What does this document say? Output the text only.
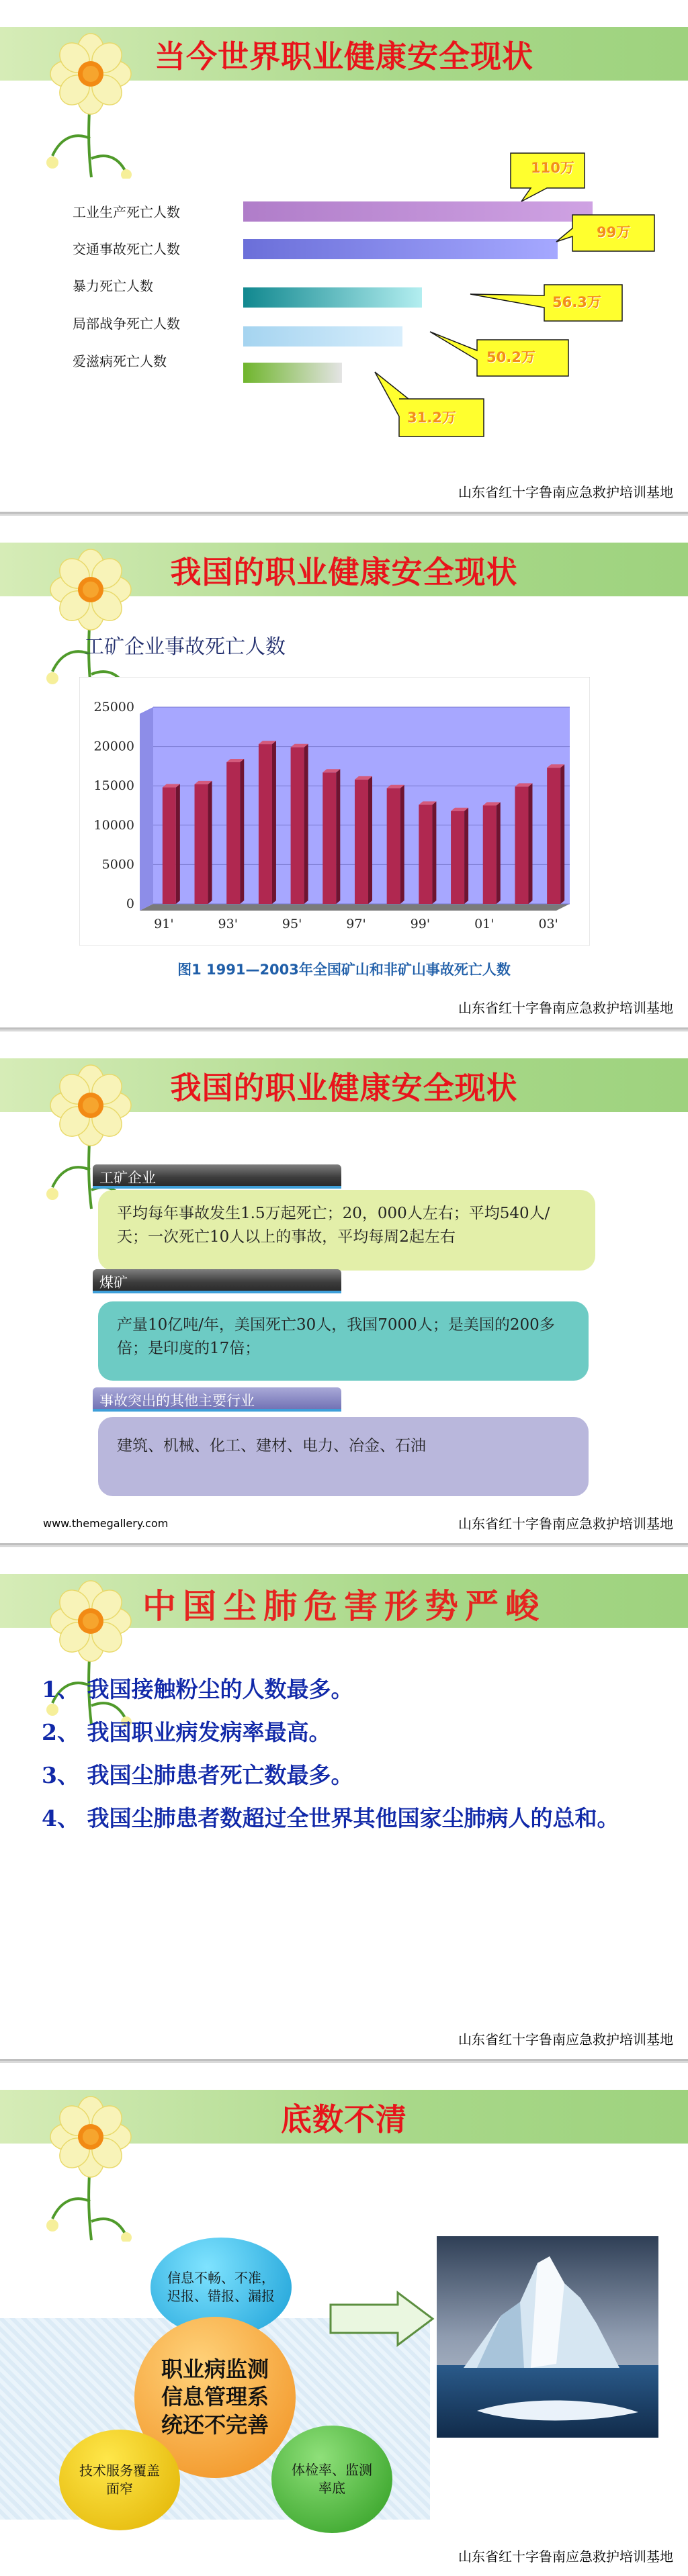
当今世界职业健康安全现状
工业生产死亡人数
交通事故死亡人数
暴力死亡人数
局部战争死亡人数
爱滋病死亡人数
110万
99万
56.3万
50.2万
31.2万
山东省红十字鲁南应急救护培训基地
我国的职业健康安全现状
工矿企业事故死亡人数
0
5000
10000
15000
20000
25000
91'	93'	95'	97'	99'	01'	03'
图1 1991—2003年全国矿山和非矿山事故死亡人数
山东省红十字鲁南应急救护培训基地
我国的职业健康安全现状
工矿企业
平均每年事故发生1.5万起死亡；20，000人左右；平均540人/天；一次死亡10人以上的事故，平均每周2起左右
煤矿
产量10亿吨/年，美国死亡30人，我国7000人；是美国的200多倍；是印度的17倍；
事故突出的其他主要行业
建筑、机械、化工、建材、电力、冶金、石油
www.themegallery.com	山东省红十字鲁南应急救护培训基地
中国尘肺危害形势严峻
1、 我国接触粉尘的人数最多。
2、 我国职业病发病率最高。
3、 我国尘肺患者死亡数最多。
4、 我国尘肺患者数超过全世界其他国家尘肺病人的总和。
山东省红十字鲁南应急救护培训基地
底数不清
信息不畅、不准，迟报、错报、漏报
职业病监测信息管理系统还不完善
技术服务覆盖面窄
体检率、监测率底
山东省红十字鲁南应急救护培训基地
